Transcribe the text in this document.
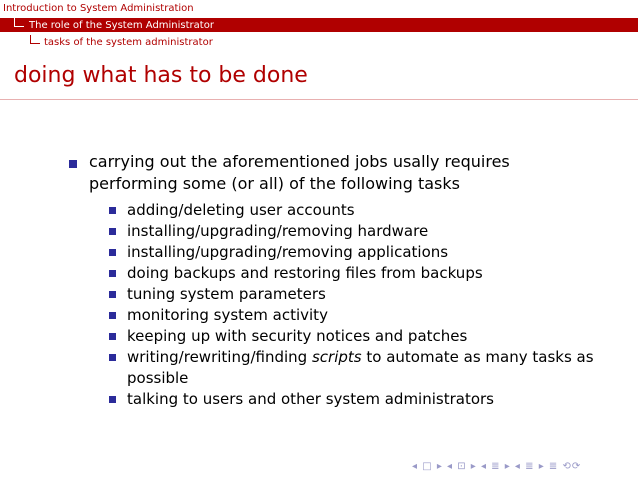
Introduction to System Administration
The role of the System Administrator
tasks of the system administrator
doing what has to be done
carrying out the aforementioned jobs usally requires performing some (or all) of the following tasks
adding/deleting user accounts
installing/upgrading/removing hardware
installing/upgrading/removing applications
doing backups and restoring files from backups
tuning system parameters
monitoring system activity
keeping up with security notices and patches
writing/rewriting/finding scripts to automate as many tasks as possible
talking to users and other system administrators
◂ □ ▸ ◂ ⊡ ▸ ◂ ≣ ▸ ◂ ≣ ▸ ≣ ⟲⟳
